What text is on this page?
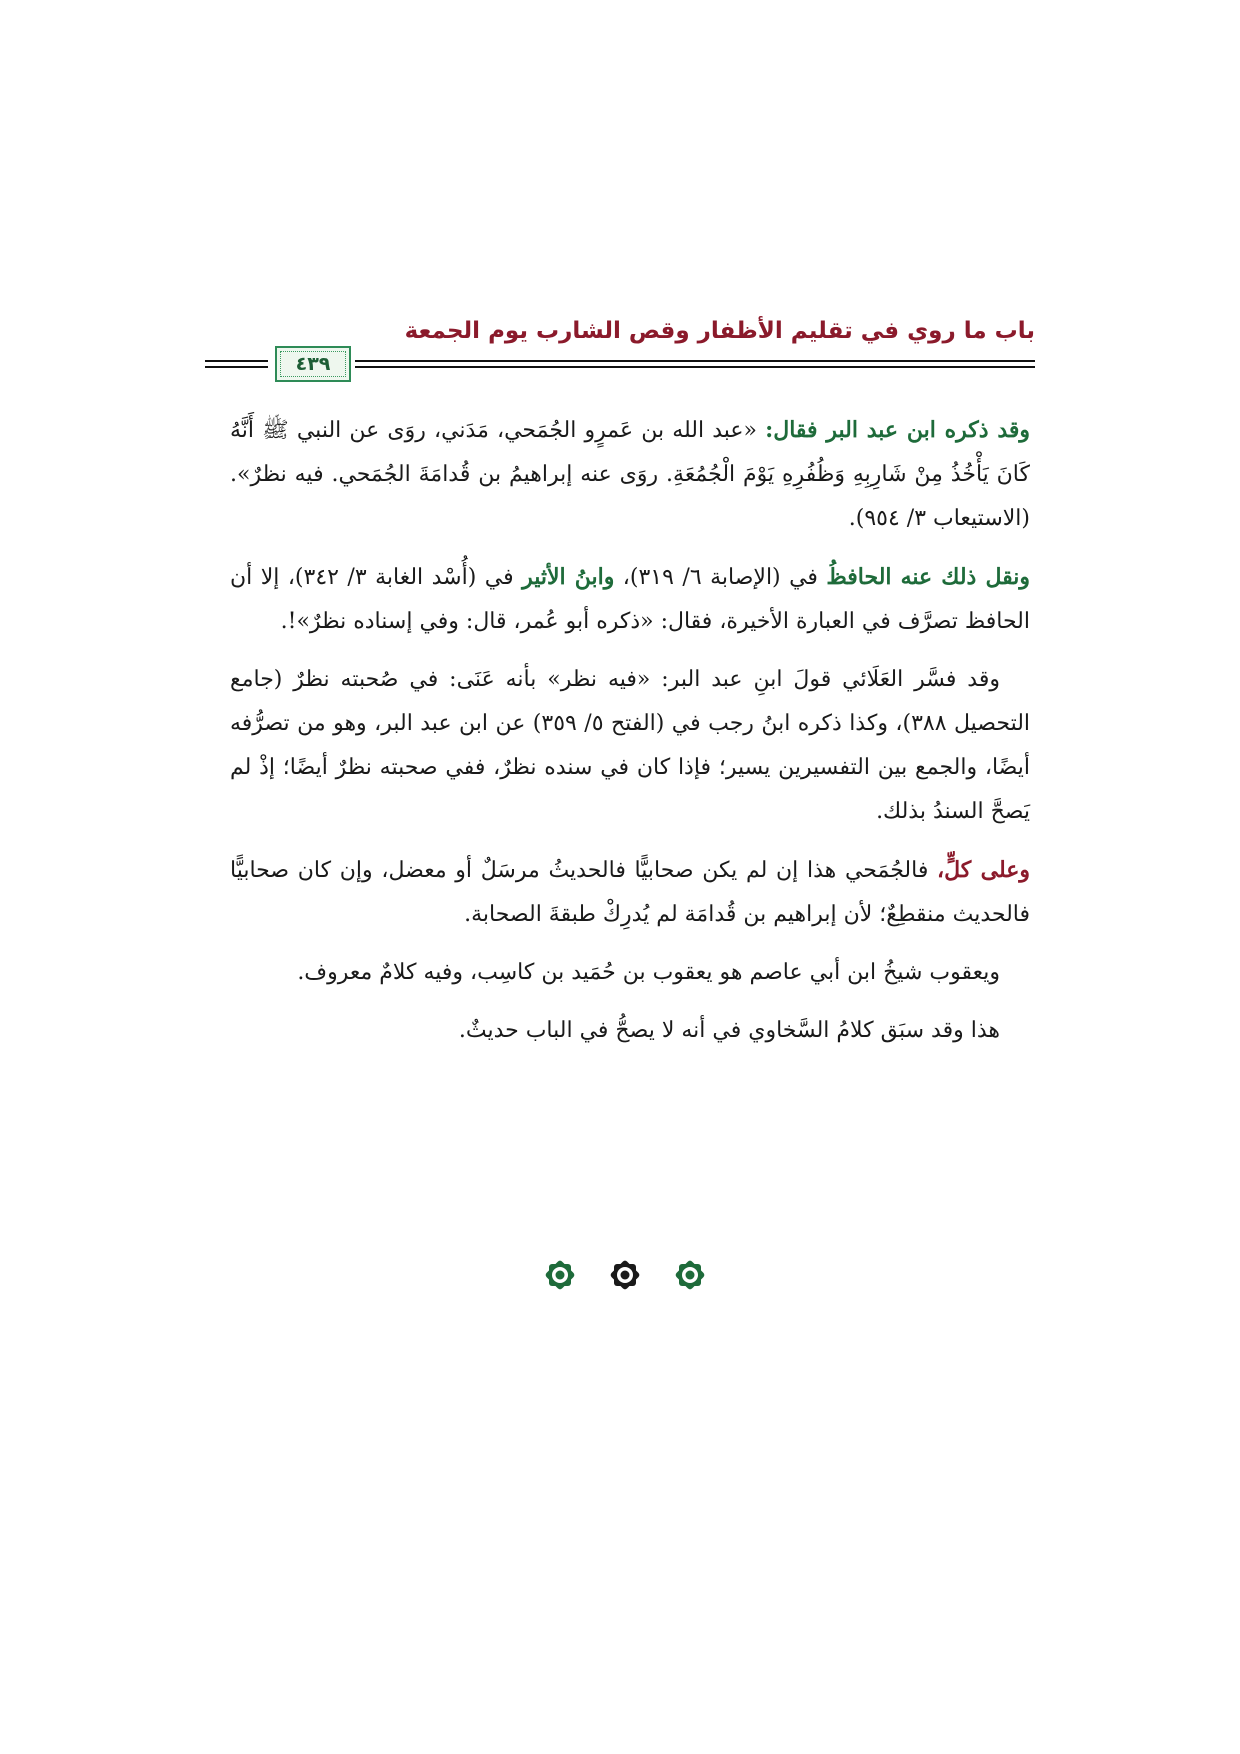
باب ما روي في تقليم الأظفار وقص الشارب يوم الجمعة
٤٣٩

وقد ذكره ابن عبد البر فقال: «عبد الله بن عَمرٍو الجُمَحي، مَدَني، روَى عن النبي ﷺ أَنَّهُ كَانَ يَأْخُذُ مِنْ شَارِبِهِ وَظُفُرِهِ يَوْمَ الْجُمُعَةِ. روَى عنه إبراهيمُ بن قُدامَةَ الجُمَحي. فيه نظرٌ». (الاستيعاب ٣/ ٩٥٤).

ونقل ذلك عنه الحافظُ في (الإصابة ٦/ ٣١٩)، وابنُ الأثير في (أُسْد الغابة ٣/ ٣٤٢)، إلا أن الحافظ تصرَّف في العبارة الأخيرة، فقال: «ذكره أبو عُمر، قال: وفي إسناده نظرٌ»!.

وقد فسَّر العَلَائي قولَ ابنِ عبد البر: «فيه نظر» بأنه عَنَى: في صُحبته نظرٌ (جامع التحصيل ٣٨٨)، وكذا ذكره ابنُ رجب في (الفتح ٥/ ٣٥٩) عن ابن عبد البر، وهو من تصرُّفه أيضًا، والجمع بين التفسيرين يسير؛ فإذا كان في سنده نظرٌ، ففي صحبته نظرٌ أيضًا؛ إذْ لم يَصحَّ السندُ بذلك.

وعلى كلٍّ، فالجُمَحي هذا إن لم يكن صحابيًّا فالحديثُ مرسَلٌ أو معضل، وإن كان صحابيًّا فالحديث منقطِعٌ؛ لأن إبراهيم بن قُدامَة لم يُدرِكْ طبقةَ الصحابة.

ويعقوب شيخُ ابن أبي عاصم هو يعقوب بن حُمَيد بن كاسِب، وفيه كلامٌ معروف.

هذا وقد سبَق كلامُ السَّخاوي في أنه لا يصحُّ في الباب حديثٌ.
